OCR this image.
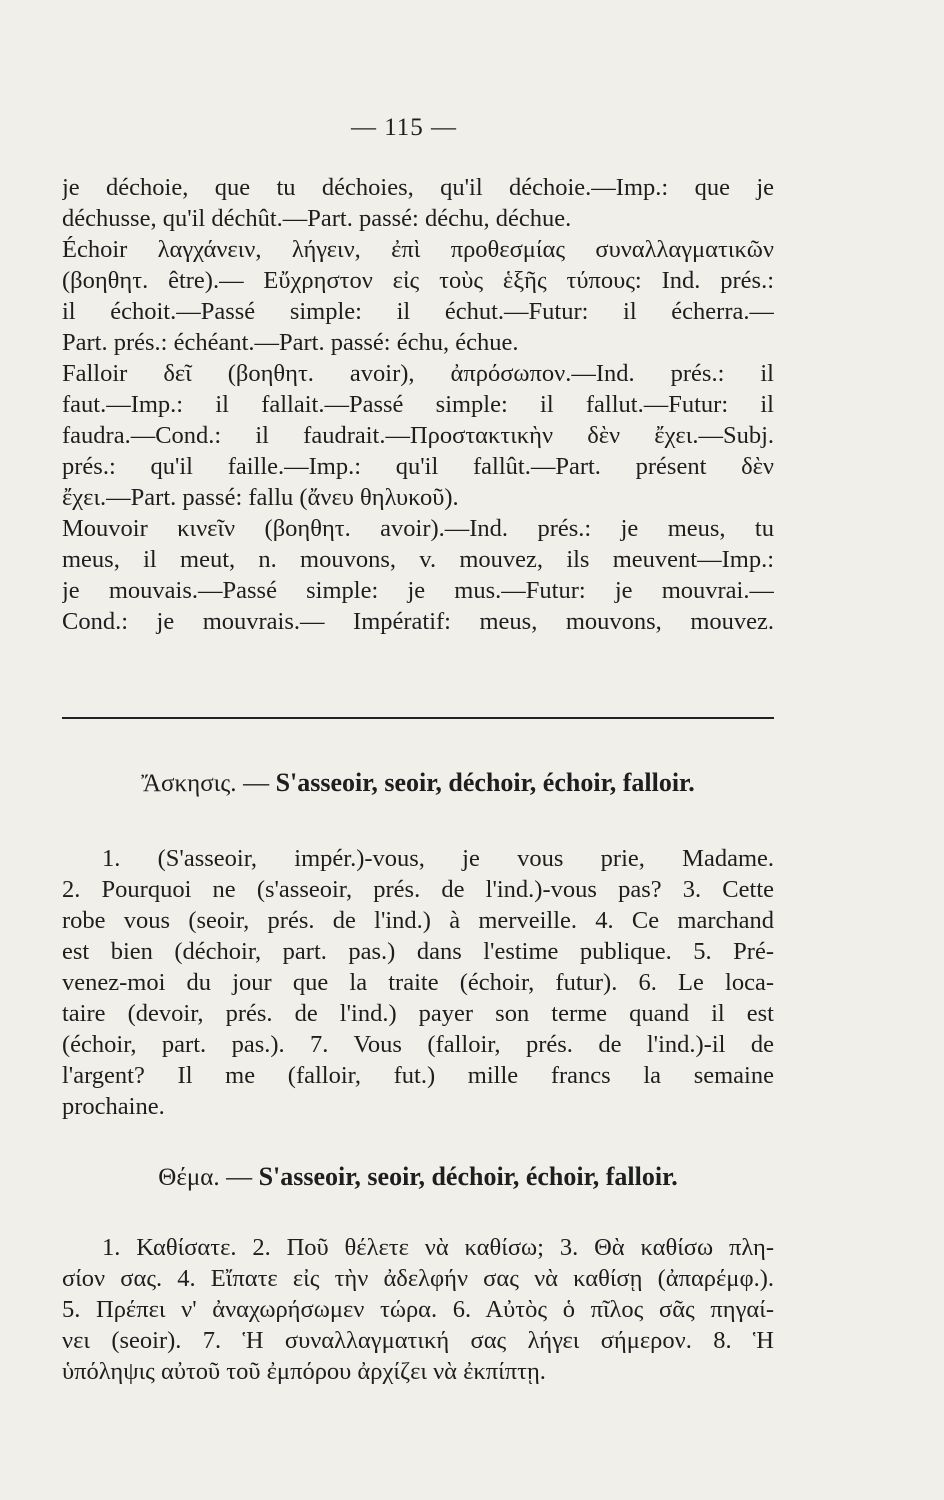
— 115 —
je déchoie, que tu déchoies, qu'il déchoie.—Imp.: que je
déchusse, qu'il déchût.—Part. passé: déchu, déchue.
Échoir λαγχάνειν, λήγειν, ἐπὶ προθεσμίας συναλλαγματικῶν
(βοηθητ. être).— Εὔχρηστον εἰς τοὺς ἑξῆς τύπους: Ind. prés.:
il échoit.—Passé simple: il échut.—Futur: il écherra.—
Part. prés.: échéant.—Part. passé: échu, échue.
Falloir δεῖ (βοηθητ. avoir), ἀπρόσωπον.—Ind. prés.: il
faut.—Imp.: il fallait.—Passé simple: il fallut.—Futur: il
faudra.—Cond.: il faudrait.—Προστακτικὴν δὲν ἔχει.—Subj.
prés.: qu'il faille.—Imp.: qu'il fallût.—Part. présent δὲν
ἔχει.—Part. passé: fallu (ἄνευ θηλυκοῦ).
Mouvoir κινεῖν (βοηθητ. avoir).—Ind. prés.: je meus, tu
meus, il meut, n. mouvons, v. mouvez, ils meuvent—Imp.:
je mouvais.—Passé simple: je mus.—Futur: je mouvrai.—
Cond.: je mouvrais.— Impératif: meus, mouvons, mouvez.
Ἄσκησις. — S'asseoir, seoir, déchoir, échoir, falloir.
1. (S'asseoir, impér.)-vous, je vous prie, Madame.
2. Pourquoi ne (s'asseoir, prés. de l'ind.)-vous pas? 3. Cette
robe vous (seoir, prés. de l'ind.) à merveille. 4. Ce marchand
est bien (déchoir, part. pas.) dans l'estime publique. 5. Pré-
venez-moi du jour que la traite (échoir, futur). 6. Le loca-
taire (devoir, prés. de l'ind.) payer son terme quand il est
(échoir, part. pas.). 7. Vous (falloir, prés. de l'ind.)-il de
l'argent? Il me (falloir, fut.) mille francs la semaine
prochaine.
Θέμα. — S'asseoir, seoir, déchoir, échoir, falloir.
1. Καθίσατε. 2. Ποῦ θέλετε νὰ καθίσω; 3. Θὰ καθίσω πλη-
σίον σας. 4. Εἴπατε εἰς τὴν ἀδελφήν σας νὰ καθίσῃ (ἀπαρέμφ.).
5. Πρέπει ν' ἀναχωρήσωμεν τώρα. 6. Αὐτὸς ὁ πῖλος σᾶς πηγαί-
νει (seoir). 7. Ἡ συναλλαγματική σας λήγει σήμερον. 8. Ἡ
ὑπόληψις αὐτοῦ τοῦ ἐμπόρου ἀρχίζει νὰ ἐκπίπτῃ.
